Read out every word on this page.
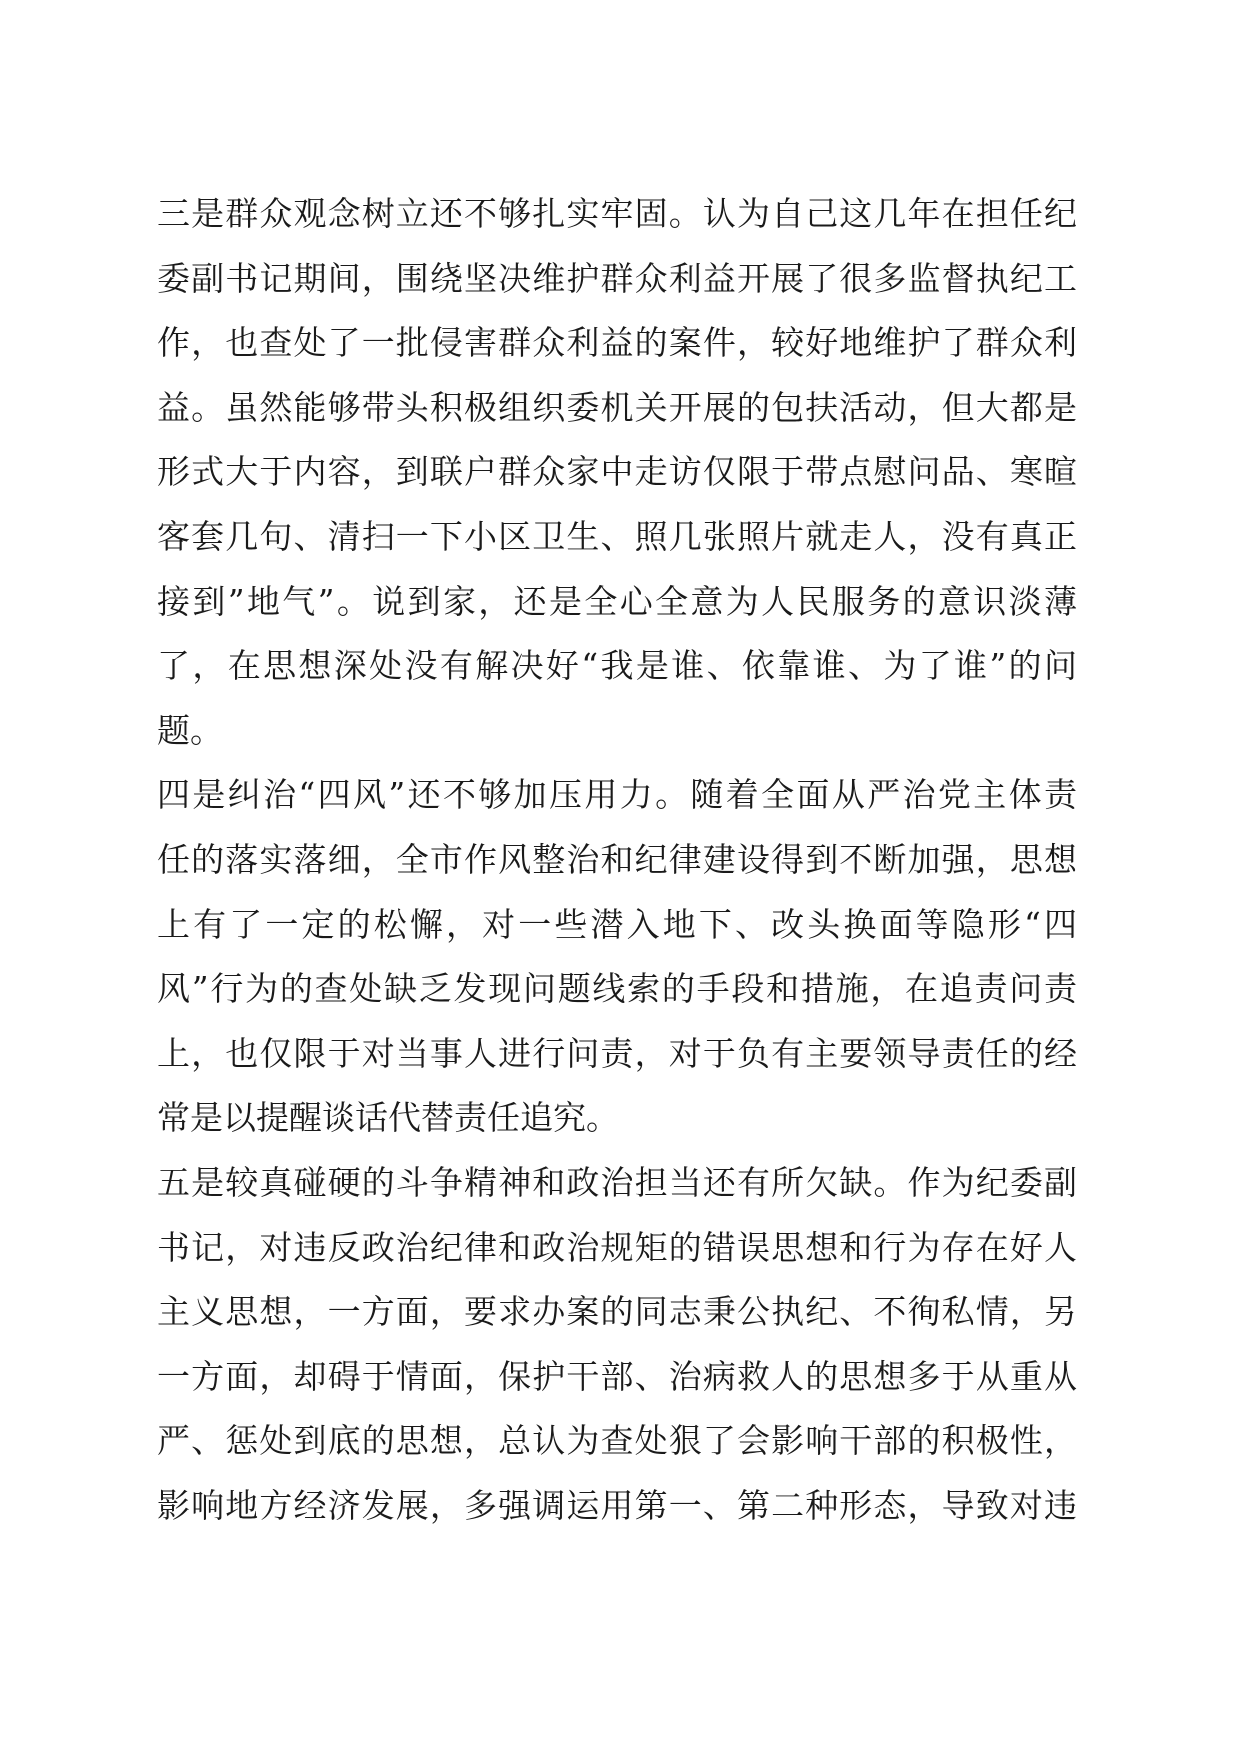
三是群众观念树立还不够扎实牢固。认为自己这几年在担任纪
委副书记期间，围绕坚决维护群众利益开展了很多监督执纪工
作，也查处了一批侵害群众利益的案件，较好地维护了群众利
益。虽然能够带头积极组织委机关开展的包扶活动，但大都是
形式大于内容，到联户群众家中走访仅限于带点慰问品、寒暄
客套几句、清扫一下小区卫生、照几张照片就走人，没有真正
接到”地气”。说到家，还是全心全意为人民服务的意识淡薄
了，在思想深处没有解决好“我是谁、依靠谁、为了谁”的问
题。
四是纠治“四风”还不够加压用力。随着全面从严治党主体责
任的落实落细，全市作风整治和纪律建设得到不断加强，思想
上有了一定的松懈，对一些潜入地下、改头换面等隐形“四
风”行为的查处缺乏发现问题线索的手段和措施，在追责问责
上，也仅限于对当事人进行问责，对于负有主要领导责任的经
常是以提醒谈话代替责任追究。
五是较真碰硬的斗争精神和政治担当还有所欠缺。作为纪委副
书记，对违反政治纪律和政治规矩的错误思想和行为存在好人
主义思想，一方面，要求办案的同志秉公执纪、不徇私情，另
一方面，却碍于情面，保护干部、治病救人的思想多于从重从
严、惩处到底的思想，总认为查处狠了会影响干部的积极性，
影响地方经济发展，多强调运用第一、第二种形态，导致对违
